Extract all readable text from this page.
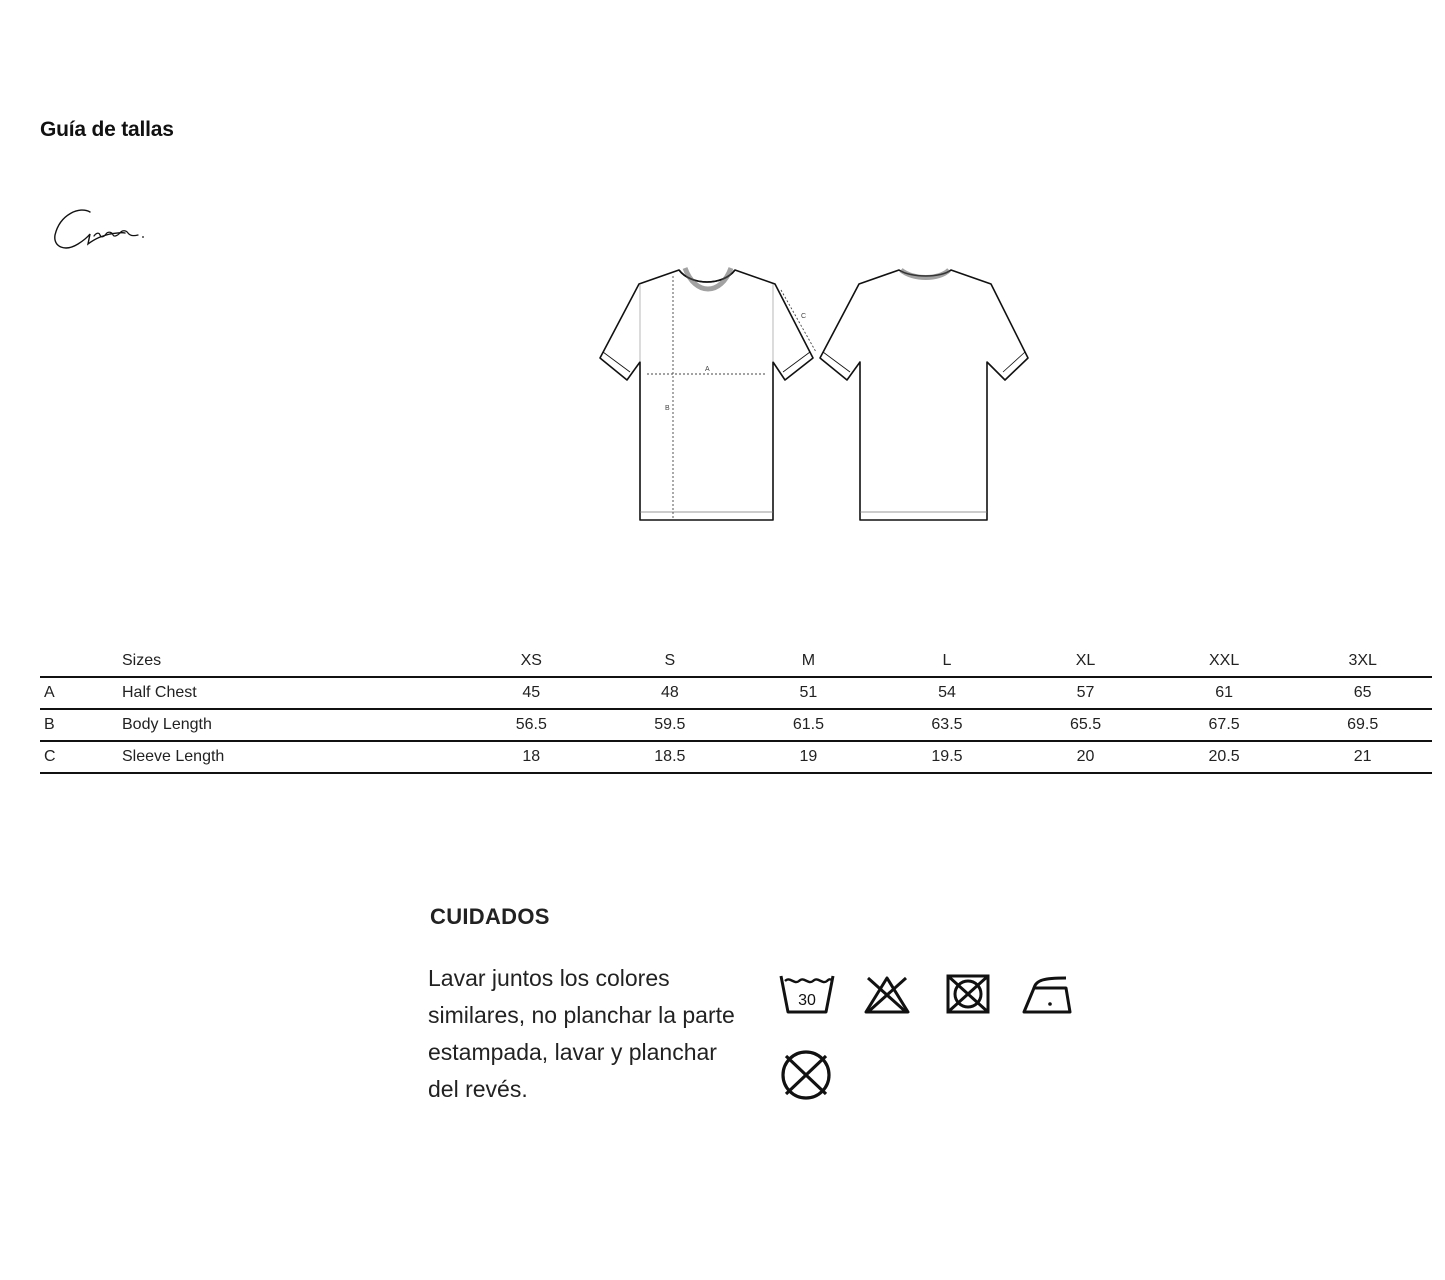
Guía de tallas
A
B
C
	Sizes	XS	S	M	L	XL	XXL	3XL
A	Half Chest	45	48	51	54	57	61	65
B	Body Length	56.5	59.5	61.5	63.5	65.5	67.5	69.5
C	Sleeve Length	18	18.5	19	19.5	20	20.5	21
CUIDADOS
Lavar juntos los colores similares, no planchar la parte estampada, lavar y planchar del revés.
30
